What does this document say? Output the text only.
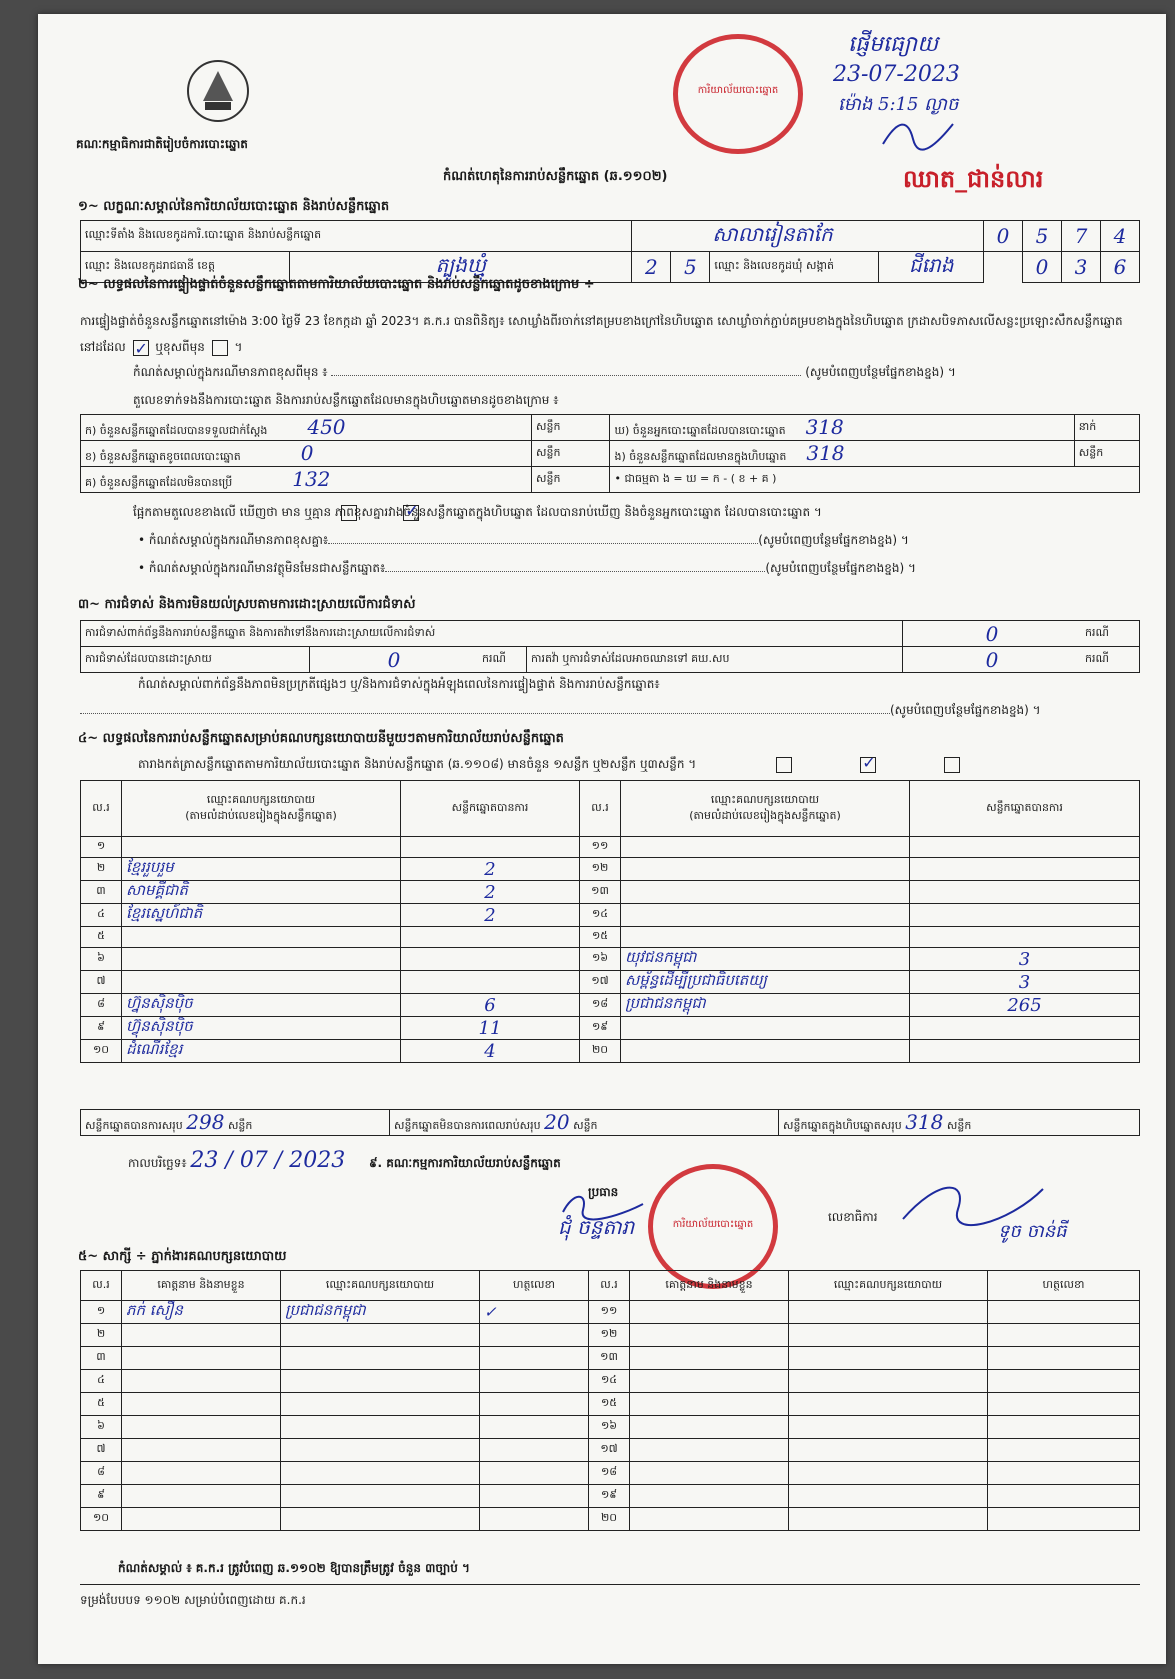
គណៈកម្មាធិការជាតិរៀបចំការបោះឆ្នោត
ការិយាល័យបោះឆ្នោត
ផ្ញើមធ្យោយ
23-07-2023
ម៉ោង 5:15 ល្ងាច
ឈាត_ជាន់លារ
កំណត់ហេតុនៃការរាប់សន្លឹកឆ្នោត (ឆ.១១០២)
១~ លក្ខណៈសម្គាល់នៃការិយាល័យបោះឆ្នោត និងរាប់សន្លឹកឆ្នោត
ឈ្មោះទីតាំង និងលេខកូដការិ.បោះឆ្នោត និងរាប់សន្លឹកឆ្នោត		សាលារៀនតាកែ				0	5	7	4
ឈ្មោះ និងលេខកូដរាជធានី ខេត្ត	ត្បូងឃ្មុំ	2	5	ឈ្មោះ និងលេខកូដឃុំ សង្កាត់	ជីរោង		0	3	6
២~ លទ្ធផលនៃការផ្ទៀងផ្ទាត់ចំនួនសន្លឹកឆ្នោតតាមការិយាល័យបោះឆ្នោត និងរាប់សន្លឹកឆ្នោតដូចខាងក្រោម ÷
ការផ្ទៀងផ្ទាត់ចំនួនសន្លឹកឆ្នោតនៅម៉ោង 3:00 ថ្ងៃទី 23 ខែកក្កដា ឆ្នាំ 2023។ គ.ក.រ បានពិនិត្យ៖ សោឃ្លាំងពីរចាក់នៅគម្របខាងក្រៅនៃហិបឆ្នោត សោឃ្លាំចាក់ភ្ជាប់គម្របខាងក្នុងនៃហិបឆ្នោត ក្រដាសបិទភាសលើសន្លះប្រឡោះសឹកសន្លឹកឆ្នោត នៅដដែល ✓ ឬខុសពីមុន  ។
កំណត់សម្គាល់ក្នុងករណីមានភាពខុសពីមុន ៖	(សូមបំពេញបន្ថែមផ្នែកខាងខ្នង) ។
តួលេខទាក់ទងនឹងការបោះឆ្នោត និងការរាប់សន្លឹកឆ្នោតដែលមានក្នុងហិបឆ្នោតមានដូចខាងក្រោម ៖
ក) ចំនួនសន្លឹកឆ្នោតដែលបានទទួលជាក់ស្ដែង 450	សន្លឹក	ឃ) ចំនួនអ្នកបោះឆ្នោតដែលបានបោះឆ្នោត 318	នាក់
ខ) ចំនួនសន្លឹកឆ្នោតខូចពេលបោះឆ្នោត 0	សន្លឹក	ង) ចំនួនសន្លឹកឆ្នោតដែលមានក្នុងហិបឆ្នោត 318	សន្លឹក
គ) ចំនួនសន្លឹកឆ្នោតដែលមិនបានប្រើ 132	សន្លឹក	• ជាធម្មតា ង = ឃ = ក - ( ខ + គ )	
ផ្អែកតាមតួលេខខាងលើ ឃើញថា មាន ឬគ្មាន ភាពខុសគ្នារវាងចំនួនសន្លឹកឆ្នោតក្នុងហិបឆ្នោត ដែលបានរាប់ឃើញ និងចំនួនអ្នកបោះឆ្នោត ដែលបានបោះឆ្នោត ។
✓
• កំណត់សម្គាល់ក្នុងករណីមានភាពខុសគ្នា៖	(សូមបំពេញបន្ថែមផ្នែកខាងខ្នង) ។
• កំណត់សម្គាល់ក្នុងករណីមានវត្ថុមិនមែនជាសន្លឹកឆ្នោត៖	(សូមបំពេញបន្ថែមផ្នែកខាងខ្នង) ។
៣~ ការជំទាស់ និងការមិនយល់ស្របតាមការដោះស្រាយលើការជំទាស់
ការជំទាស់ពាក់ព័ន្ធនឹងការរាប់សន្លឹកឆ្នោត និងការតវ៉ាទៅនឹងការដោះស្រាយលើការជំទាស់				0	ករណី
ការជំទាស់ដែលបានដោះស្រាយ	0	ករណី	ការតវ៉ា ឬការជំទាស់ដែលអាចឈានទៅ គឃ.សប	0	ករណី
កំណត់សម្គាល់ពាក់ព័ន្ធនឹងភាពមិនប្រក្រតីផ្សេងៗ ឬ/និងការជំទាស់ក្នុងអំឡុងពេលនៃការផ្ទៀងផ្ទាត់ និងការរាប់សន្លឹកឆ្នោត៖
(សូមបំពេញបន្ថែមផ្នែកខាងខ្នង) ។
៤~ លទ្ធផលនៃការរាប់សន្លឹកឆ្នោតសម្រាប់គណបក្សនយោបាយនីមួយៗតាមការិយាល័យរាប់សន្លឹកឆ្នោត
តារាងកត់ត្រាសន្លឹកឆ្នោតតាមការិយាល័យបោះឆ្នោត និងរាប់សន្លឹកឆ្នោត (ឆ.១១០៨) មានចំនួន ១សន្លឹក ឬ២សន្លឹក ឬ៣សន្លឹក ។
✓
ល.រ	ឈ្មោះគណបក្សនយោបាយ
(តាមលំដាប់លេខរៀងក្នុងសន្លឹកឆ្នោត)	សន្លឹកឆ្នោតបានការ	ល.រ	ឈ្មោះគណបក្សនយោបាយ
(តាមលំដាប់លេខរៀងក្នុងសន្លឹកឆ្នោត)	សន្លឹកឆ្នោតបានការ
១			១១		
២	ខ្មែររួបរួម	2	១២		
៣	សាមគ្គីជាតិ	2	១៣		
៤	ខ្មែរស្នេហ៍ជាតិ	2	១៤		
៥			១៥		
៦			១៦	យុវជនកម្ពុជា	3
៧			១៧	សម្ព័ន្ធដើម្បីប្រជាធិបតេយ្យ	3
៨	ហ្វ៊ុនស៊ិនប៉ិច	6	១៨	ប្រជាជនកម្ពុជា	265
៩	ហ៊្វុនស៊ិនប៉ិច	11	១៩		
១០	ដំណើរខ្មែរ	4	២០		
សន្លឹកឆ្នោតបានការសរុប 298 សន្លឹក	សន្លឹកឆ្នោតមិនបានការពេលរាប់សរុប 20 សន្លឹក	សន្លឹកឆ្នោតក្នុងហិបឆ្នោតសរុប 318 សន្លឹក
កាលបរិច្ឆេទ៖ 23 / 07 / 2023 ៩. គណៈកម្មការការិយាល័យរាប់សន្លឹកឆ្នោត
ការិយាល័យបោះឆ្នោត
ប្រធាន
ជុំ ចន្ទតារា	លេខាធិការ
ទូច ចាន់ធី
៥~ សាក្សី ÷ ភ្នាក់ងារគណបក្សនយោបាយ
ល.រ	គោត្តនាម និងនាមខ្លួន	ឈ្មោះគណបក្សនយោបាយ	ហត្ថលេខា	ល.រ	គោត្តនាម និងនាមខ្លួន	ឈ្មោះគណបក្សនយោបាយ	ហត្ថលេខា
១	ភក់ សឿន	ប្រជាជនកម្ពុជា	✓	១១			
២				១២			
៣				១៣			
៤				១៤			
៥				១៥			
៦				១៦			
៧				១៧			
៨				១៨			
៩				១៩			
១០				២០			
កំណត់សម្គាល់ ៖ គ.ក.រ ត្រូវបំពេញ ឆ.១១០២ ឱ្យបានត្រឹមត្រូវ ចំនួន ៣ច្បាប់ ។
ទម្រង់បែបបទ ១១០២ សម្រាប់បំពេញដោយ គ.ក.រ
